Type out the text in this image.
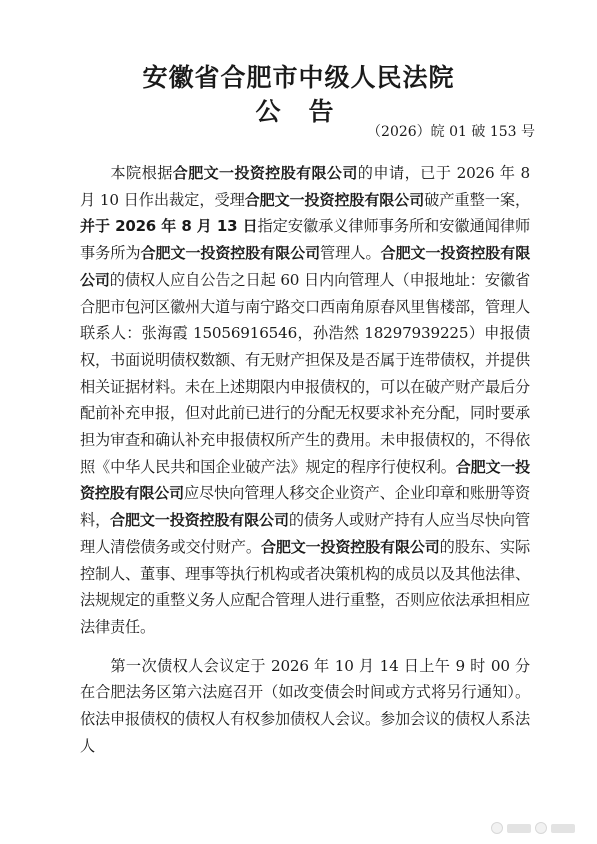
安徽省合肥市中级人民法院
公告
（2026）皖 01 破 153 号

本院根据合肥文一投资控股有限公司的申请，已于 2026 年 8 月 10 日作出裁定，受理合肥文一投资控股有限公司破产重整一案，并于 2026 年 8 月 13 日指定安徽承义律师事务所和安徽通闻律师事务所为合肥文一投资控股有限公司管理人。合肥文一投资控股有限公司的债权人应自公告之日起 60 日内向管理人（申报地址：安徽省合肥市包河区徽州大道与南宁路交口西南角原春风里售楼部，管理人联系人：张海霞 15056916546，孙浩然 18297939225）申报债权，书面说明债权数额、有无财产担保及是否属于连带债权，并提供相关证据材料。未在上述期限内申报债权的，可以在破产财产最后分配前补充申报，但对此前已进行的分配无权要求补充分配，同时要承担为审查和确认补充申报债权所产生的费用。未申报债权的，不得依照《中华人民共和国企业破产法》规定的程序行使权利。合肥文一投资控股有限公司应尽快向管理人移交企业资产、企业印章和账册等资料，合肥文一投资控股有限公司的债务人或财产持有人应当尽快向管理人清偿债务或交付财产。合肥文一投资控股有限公司的股东、实际控制人、董事、理事等执行机构或者决策机构的成员以及其他法律、法规规定的重整义务人应配合管理人进行重整，否则应依法承担相应法律责任。

第一次债权人会议定于 2026 年 10 月 14 日上午 9 时 00 分在合肥法务区第六法庭召开（如改变债会时间或方式将另行通知）。依法申报债权的债权人有权参加债权人会议。参加会议的债权人系法人
